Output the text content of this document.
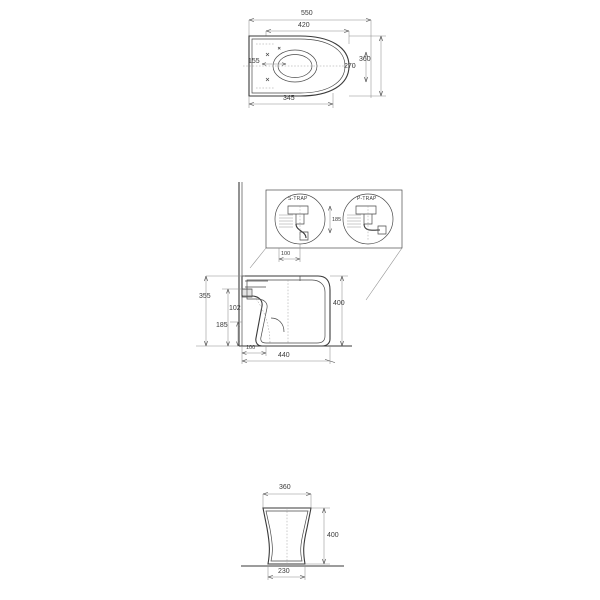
550
420
360
270
155
345
S-TRAP	P-TRAP
185
100
355
102
185
400
100
440
360
400
230
